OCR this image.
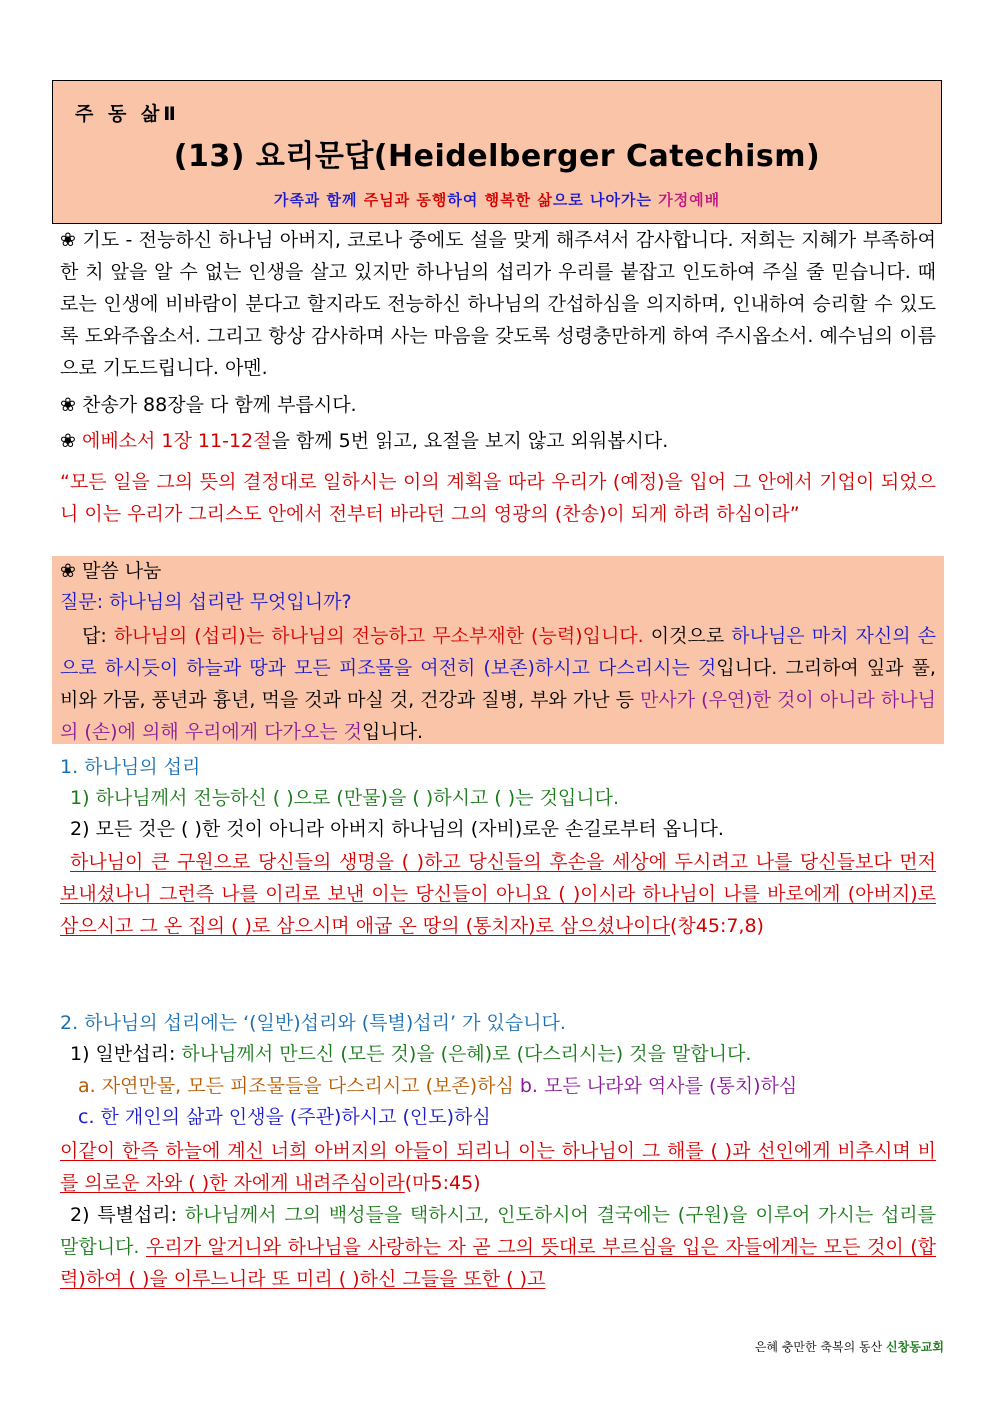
주 동 삶Ⅱ
(13) 요리문답(Heidelberger Catechism)
가족과 함께 주님과 동행하여 행복한 삶으로 나아가는 가정예배
❀ 기도 - 전능하신 하나님 아버지, 코로나 중에도 설을 맞게 해주셔서 감사합니다. 저희는 지혜가 부족하여 한 치 앞을 알 수 없는 인생을 살고 있지만 하나님의 섭리가 우리를 붙잡고 인도하여 주실 줄 믿습니다. 때로는 인생에 비바람이 분다고 할지라도 전능하신 하나님의 간섭하심을 의지하며, 인내하여 승리할 수 있도록 도와주옵소서. 그리고 항상 감사하며 사는 마음을 갖도록 성령충만하게 하여 주시옵소서. 예수님의 이름으로 기도드립니다. 아멘.
❀ 찬송가 88장을 다 함께 부릅시다.
❀ 에베소서 1장 11-12절을 함께 5번 읽고, 요절을 보지 않고 외워봅시다.
“모든 일을 그의 뜻의 결정대로 일하시는 이의 계획을 따라 우리가 (예정)을 입어 그 안에서 기업이 되었으니 이는 우리가 그리스도 안에서 전부터 바라던 그의 영광의 (찬송)이 되게 하려 하심이라”
❀ 말씀 나눔
질문: 하나님의 섭리란 무엇입니까?
답: 하나님의 (섭리)는 하나님의 전능하고 무소부재한 (능력)입니다. 이것으로 하나님은 마치 자신의 손으로 하시듯이 하늘과 땅과 모든 피조물을 여전히 (보존)하시고 다스리시는 것입니다. 그리하여 잎과 풀, 비와 가뭄, 풍년과 흉년, 먹을 것과 마실 것, 건강과 질병, 부와 가난 등 만사가 (우연)한 것이 아니라 하나님의 (손)에 의해 우리에게 다가오는 것입니다.
1. 하나님의 섭리
1) 하나님께서 전능하신 ( )으로 (만물)을 ( )하시고 ( )는 것입니다.
2) 모든 것은 ( )한 것이 아니라 아버지 하나님의 (자비)로운 손길로부터 옵니다.
하나님이 큰 구원으로 당신들의 생명을 ( )하고 당신들의 후손을 세상에 두시려고 나를 당신들보다 먼저 보내셨나니 그런즉 나를 이리로 보낸 이는 당신들이 아니요 ( )이시라 하나님이 나를 바로에게 (아버지)로 삼으시고 그 온 집의 ( )로 삼으시며 애굽 온 땅의 (통치자)로 삼으셨나이다(창45:7,8)
2. 하나님의 섭리에는 ‘(일반)섭리와 (특별)섭리’ 가 있습니다.
1) 일반섭리: 하나님께서 만드신 (모든 것)을 (은혜)로 (다스리시는) 것을 말합니다.
a. 자연만물, 모든 피조물들을 다스리시고 (보존)하심 b. 모든 나라와 역사를 (통치)하심
c. 한 개인의 삶과 인생을 (주관)하시고 (인도)하심
이같이 한즉 하늘에 계신 너희 아버지의 아들이 되리니 이는 하나님이 그 해를 ( )과 선인에게 비추시며 비를 의로운 자와 ( )한 자에게 내려주심이라(마5:45)
2) 특별섭리: 하나님께서 그의 백성들을 택하시고, 인도하시어 결국에는 (구원)을 이루어 가시는 섭리를 말합니다. 우리가 알거니와 하나님을 사랑하는 자 곧 그의 뜻대로 부르심을 입은 자들에게는 모든 것이 (합력)하여 ( )을 이루느니라 또 미리 ( )하신 그들을 또한 ( )고
은혜 충만한 축복의 동산 신창동교회
